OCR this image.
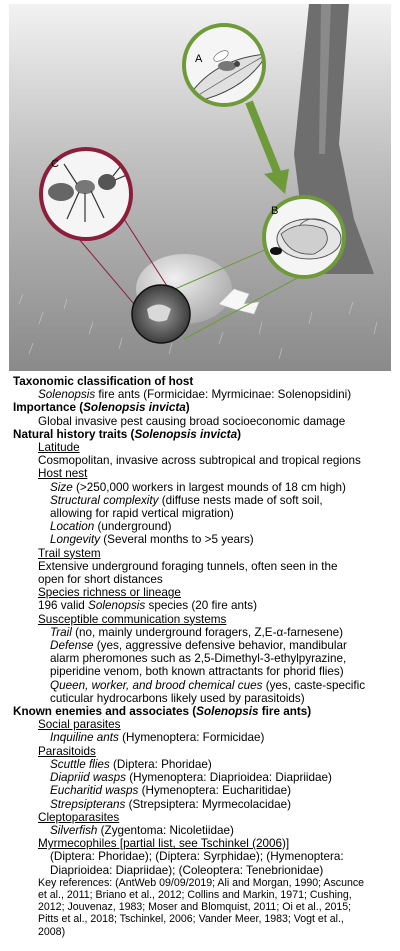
A
B
C
Taxonomic classification of host
Solenopsis fire ants (Formicidae: Myrmicinae: Solenopsidini)
Importance (Solenopsis invicta)
Global invasive pest causing broad socioeconomic damage
Natural history traits (Solenopsis invicta)
Latitude
Cosmopolitan, invasive across subtropical and tropical regions
Host nest
Size (>250,000 workers in largest mounds of 18 cm high)
Structural complexity (diffuse nests made of soft soil,
allowing for rapid vertical migration)
Location (underground)
Longevity (Several months to >5 years)
Trail system
Extensive underground foraging tunnels, often seen in the
open for short distances
Species richness or lineage
196 valid Solenopsis species (20 fire ants)
Susceptible communication systems
Trail (no, mainly underground foragers, Z,E-α-farnesene)
Defense (yes, aggressive defensive behavior, mandibular
alarm pheromones such as 2,5-Dimethyl-3-ethylpyrazine,
piperidine venom, both known attractants for phorid flies)
Queen, worker, and brood chemical cues (yes, caste-specific
cuticular hydrocarbons likely used by parasitoids)
Known enemies and associates (Solenopsis fire ants)
Social parasites
Inquiline ants (Hymenoptera: Formicidae)
Parasitoids
Scuttle flies (Diptera: Phoridae)
Diapriid wasps (Hymenoptera: Diaprioidea: Diapriidae)
Eucharitid wasps (Hymenoptera: Eucharitidae)
Strepsipterans (Strepsiptera: Myrmecolacidae)
Cleptoparasites
Silverfish (Zygentoma: Nicoletiidae)
Myrmecophiles [partial list, see Tschinkel (2006)]
(Diptera: Phoridae); (Diptera: Syrphidae); (Hymenoptera:
Diaprioidea: Diapriidae); (Coleoptera: Tenebrionidae)
Key references: (AntWeb 09/09/2019; Ali and Morgan, 1990; Ascunce
et al., 2011; Briano et al., 2012; Collins and Markin, 1971; Cushing,
2012; Jouvenaz, 1983; Moser and Blomquist, 2011; Oi et al., 2015;
Pitts et al., 2018; Tschinkel, 2006; Vander Meer, 1983; Vogt et al.,
2008)
